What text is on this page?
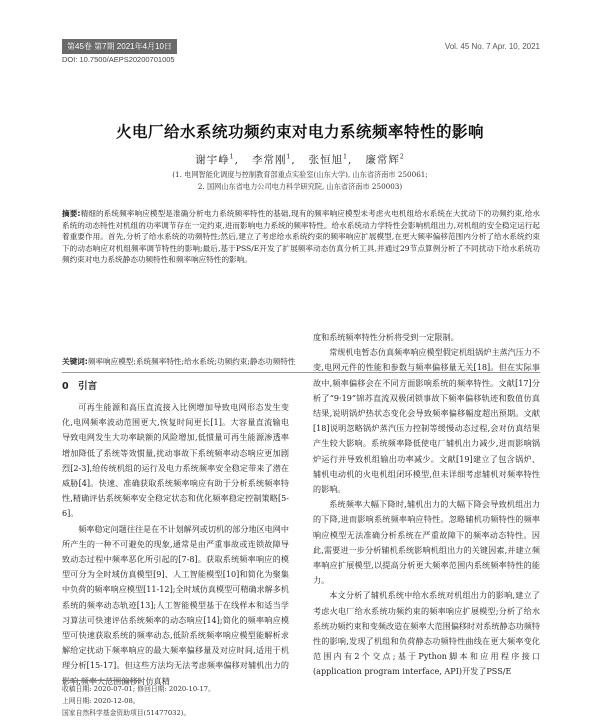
第45卷 第7期 2021年4月10日	Vol. 45 No. 7 Apr. 10, 2021
DOI: 10.7500/AEPS20200701005
火电厂给水系统功频约束对电力系统频率特性的影响
谢宇峥$^1$,   李常刚$^1$,   张恒旭$^1$,   廉常辉$^2$
(1. 电网智能化调度与控制教育部重点实验室(山东大学), 山东省济南市 250061;
2. 国网山东省电力公司电力科学研究院, 山东省济南市 250003)
摘要:精细的系统频率响应模型是准确分析电力系统频率特性的基础,现有的频率响应模型未考虑火电机组给水系统在大扰动下的功频约束,给水系统的动态特性对机组的功率调节存在一定约束,进而影响电力系统的频率特性。给水系统动力学特性会影响机组出力,对机组的安全稳定运行起着重要作用。首先,分析了给水系统的功频特性;然后,建立了考虑给水系统约束的频率响应扩展模型,在更大频率偏移范围内分析了给水系统约束下的动态响应对机组频率调节特性的影响;最后,基于PSS/E开发了扩展频率动态仿真分析工具,并通过29节点算例分析了不同扰动下给水系统功频约束对电力系统静态功频特性和频率响应特性的影响。
关键词:频率响应模型;系统频率特性;给水系统;功频约束;静态功频特性
0　引言

可再生能源和高压直流接入比例增加导致电网形态发生变化,电网频率波动范围更大,恢复时间更长[1]。大容量直流输电导致电网发生大功率缺额的风险增加,低惯量可再生能源渗透率增加降低了系统等效惯量,扰动事故下系统频率动态响应更加剧烈[2-3],给传统机组的运行及电力系统频率安全稳定带来了潜在威胁[4]。快速、准确获取系统频率响应有助于分析系统频率特性,精确评估系统频率安全稳定状态和优化频率稳定控制策略[5-6]。

频率稳定问题往往是在不计划解列或切机的部分地区电网中所产生的一种不可避免的现象,通常是由严重事故或连锁故障导致动态过程中频率恶化所引起的[7-8]。获取系统频率响应的模型可分为全时域仿真模型[9]、人工智能模型[10]和简化为聚集中负荷的频率响应模型[11-12];全时域仿真模型可精确求解多机系统的频率动态轨迹[13];人工智能模型基于在线样本和适当学习算法可快速评估系统频率的动态响应[14];简化的频率响应模型可快速获取系统的频率动态,低阶系统频率响应模型能解析求解给定扰动下频率响应的最大频率偏移量及对应时间,适用于机理分析[15-17]。但这些方法均无法考虑频率偏移对辅机出力的影响,频率大范围偏移时仿真精

度和系统频率特性分析将受到一定限制。

常规机电暂态仿真频率响应模型假定机组锅炉主蒸汽压力不变,电网元件的性能和参数与频率偏移量无关[18]。但在实际事故中,频率偏移会在不同方面影响系统的频率特性。文献[17]分析了“9·19”锦苏直流双极闭锁事故下频率偏移轨迹和数值仿真结果,说明锅炉热状态变化会导致频率偏移幅度超出预期。文献[18]说明忽略锅炉蒸汽压力控制等缓慢动态过程,会对仿真结果产生较大影响。系统频率降低使电厂辅机出力减少,进而影响锅炉运行并导致机组输出功率减少。文献[19]建立了包含锅炉、辅机电动机的火电机组闭环模型,但未详细考虑辅机对频率特性的影响。

系统频率大幅下降时,辅机出力的大幅下降会导致机组出力的下降,进而影响系统频率响应特性。忽略辅机功频特性的频率响应模型无法准确分析系统在严重故障下的频率动态特性。因此,需要进一步分析辅机系统影响机组出力的关键因素,并建立频率响应扩展模型,以提高分析更大频率范围内系统频率特性的能力。

本文分析了辅机系统中给水系统对机组出力的影响,建立了考虑火电厂给水系统功频约束的频率响应扩展模型;分析了给水系统功频约束和变频改造在频率大范围偏移时对系统静态功频特性的影响,发现了机组和负荷静态功频特性曲线在更大频率变化范围内有2个交点;基于Python脚本和应用程序接口(application program interface, API)开发了PSS/E

收稿日期: 2020-07-01; 修回日期: 2020-10-17。
上网日期: 2020-12-08。
国家自然科学基金资助项目(51477032)。
